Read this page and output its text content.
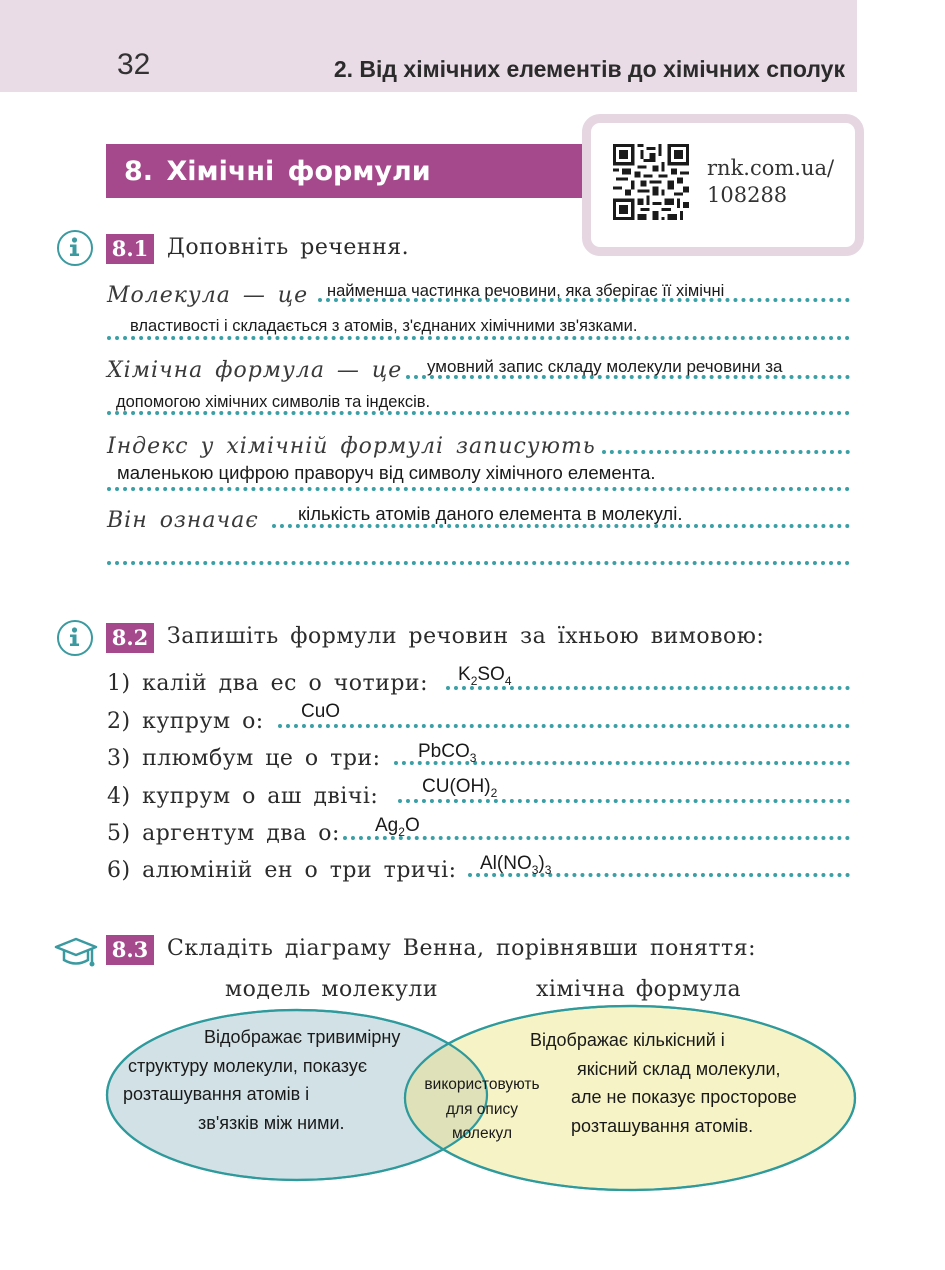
32	2. Від хімічних елементів до хімічних сполук
8. Хімічні формули	rnk.com.ua/
108288
8.1 Доповніть речення.
Молекула — це найменша частинка речовини, яка зберігає її хімічні
властивості і складається з атомів, з'єднаних хімічними зв'язками.
Хімічна формула — це умовний запис складу молекули речовини за
допомогою хімічних символів та індексів.
Індекс у хімічній формулі записують
маленькою цифрою праворуч від символу хімічного елемента.
Він означає кількість атомів даного елемента в молекулі.
8.2 Запишіть формули речовин за їхньою вимовою:
1) калій два ес о чотири: $K_2SO_4$
2) купрум о: CuO
3) плюмбум це о три: PbCO$_3$
4) купрум о аш двічі: $CU(OH)_2$
5) аргентум два о: $Ag_2O$
6) алюміній ен о три тричі: $Al(NO_3)_3$
8.3 Складіть діаграму Венна, порівнявши поняття:
модель молекули	хімічна формула
Відображає тривимірну
структуру молекули, показує
розташування атомів і
зв'язків між ними.
використовують
для опису
молекул
Відображає кількісний і
якісний склад молекули,
але не показує просторове
розташування атомів.
